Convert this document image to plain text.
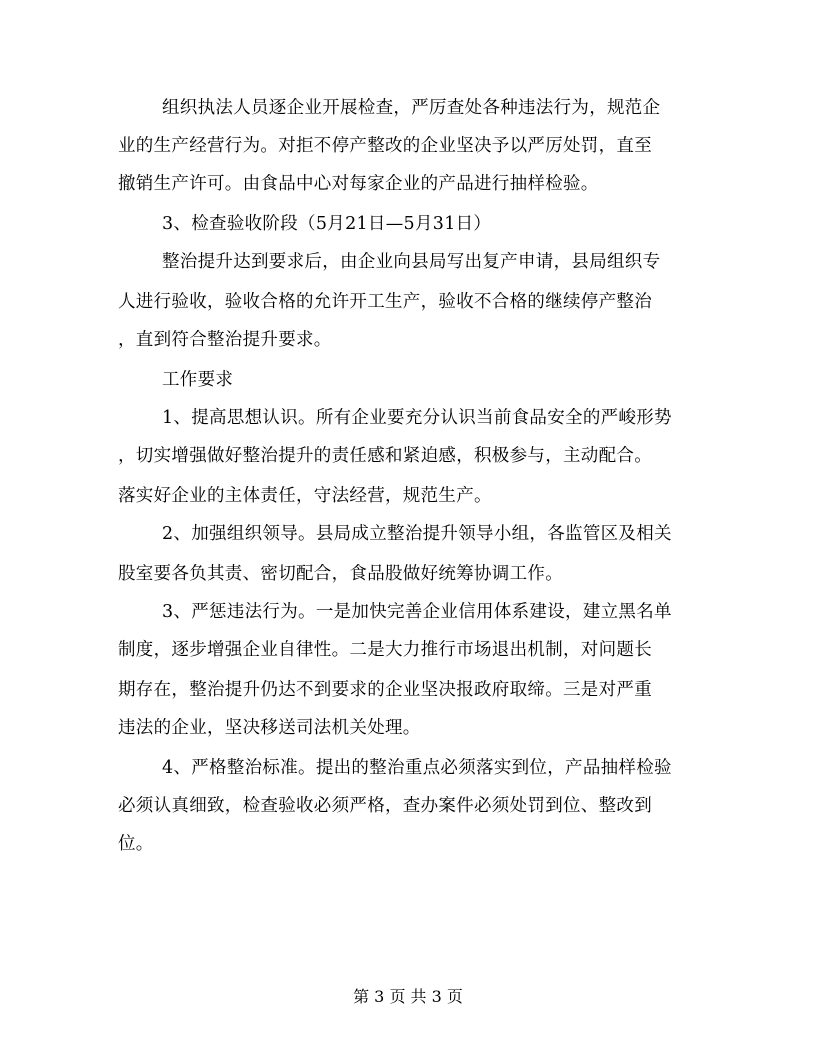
组织执法人员逐企业开展检查，严厉查处各种违法行为，规范企
业的生产经营行为。对拒不停产整改的企业坚决予以严厉处罚，直至
撤销生产许可。由食品中心对每家企业的产品进行抽样检验。
3、检查验收阶段（5月21日—5月31日）
整治提升达到要求后，由企业向县局写出复产申请，县局组织专
人进行验收，验收合格的允许开工生产，验收不合格的继续停产整治
，直到符合整治提升要求。
工作要求
1、提高思想认识。所有企业要充分认识当前食品安全的严峻形势
，切实增强做好整治提升的责任感和紧迫感，积极参与，主动配合。
落实好企业的主体责任，守法经营，规范生产。
2、加强组织领导。县局成立整治提升领导小组，各监管区及相关
股室要各负其责、密切配合，食品股做好统筹协调工作。
3、严惩违法行为。一是加快完善企业信用体系建设，建立黑名单
制度，逐步增强企业自律性。二是大力推行市场退出机制，对问题长
期存在，整治提升仍达不到要求的企业坚决报政府取缔。三是对严重
违法的企业，坚决移送司法机关处理。
4、严格整治标准。提出的整治重点必须落实到位，产品抽样检验
必须认真细致，检查验收必须严格，查办案件必须处罚到位、整改到
位。
第 3 页 共 3 页
